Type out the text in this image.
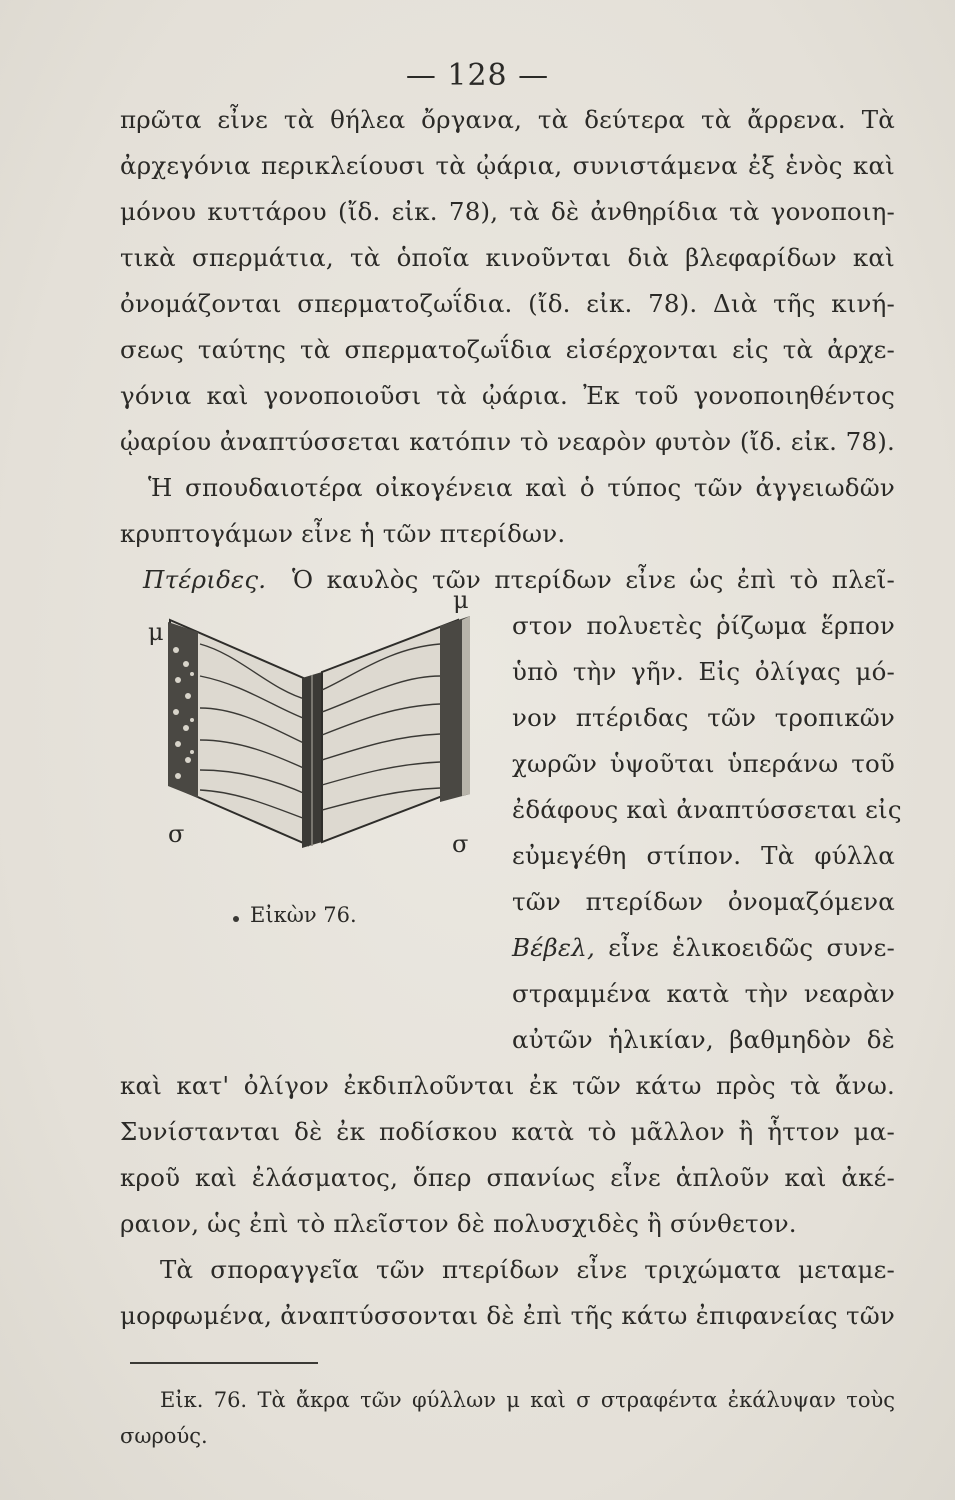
— 128 —
πρῶτα εἶνε τὰ θήλεα ὄργανα, τὰ δεύτερα τὰ ἄρρενα. Τὰ
ἀρχεγόνια περικλείουσι τὰ ᾠάρια, συνιστάμενα ἐξ ἑνὸς καὶ
μόνου κυττάρου (ἴδ. εἰκ. 78), τὰ δὲ ἀνθηρίδια τὰ γονοποιη-
τικὰ σπερμάτια, τὰ ὁποῖα κινοῦνται διὰ βλεφαρίδων καὶ
ὀνομάζονται σπερματοζωΐδια. (ἴδ. εἰκ. 78). Διὰ τῆς κινή-
σεως ταύτης τὰ σπερματοζωΐδια εἰσέρχονται εἰς τὰ ἀρχε-
γόνια καὶ γονοποιοῦσι τὰ ᾠάρια. Ἐκ τοῦ γονοποιηθέντος
ᾠαρίου ἀναπτύσσεται κατόπιν τὸ νεαρὸν φυτὸν (ἴδ. εἰκ. 78).
Ἡ σπουδαιοτέρα οἰκογένεια καὶ ὁ τύπος τῶν ἀγγειωδῶν
κρυπτογάμων εἶνε ἡ τῶν πτερίδων.
Πτέριδες. Ὁ καυλὸς τῶν πτερίδων εἶνε ὡς ἐπὶ τὸ πλεῖ-
στον πολυετὲς ῥίζωμα ἕρπον
ὑπὸ τὴν γῆν. Εἰς ὀλίγας μό-
νον πτέριδας τῶν τροπικῶν
χωρῶν ὑψοῦται ὑπεράνω τοῦ
ἐδάφους καὶ ἀναπτύσσεται εἰς
εὐμεγέθη στίπον. Τὰ φύλλα
τῶν πτερίδων ὀνομαζόμενα
Βέβελ, εἶνε ἑλικοειδῶς συνε-
στραμμένα κατὰ τὴν νεαρὰν
αὐτῶν ἡλικίαν, βαθμηδὸν δὲ
μ
μ
σ	σ
Εἰκὼν 76.
καὶ κατ' ὀλίγον ἐκδιπλοῦνται ἐκ τῶν κάτω πρὸς τὰ ἄνω.
Συνίστανται δὲ ἐκ ποδίσκου κατὰ τὸ μᾶλλον ἢ ἧττον μα-
κροῦ καὶ ἐλάσματος, ὅπερ σπανίως εἶνε ἁπλοῦν καὶ ἀκέ-
ραιον, ὡς ἐπὶ τὸ πλεῖστον δὲ πολυσχιδὲς ἢ σύνθετον.
Τὰ σποραγγεῖα τῶν πτερίδων εἶνε τριχώματα μεταμε-
μορφωμένα, ἀναπτύσσονται δὲ ἐπὶ τῆς κάτω ἐπιφανείας τῶν
Εἰκ. 76. Τὰ ἄκρα τῶν φύλλων μ καὶ σ στραφέντα ἐκάλυψαν τοὺς
σωρούς.
